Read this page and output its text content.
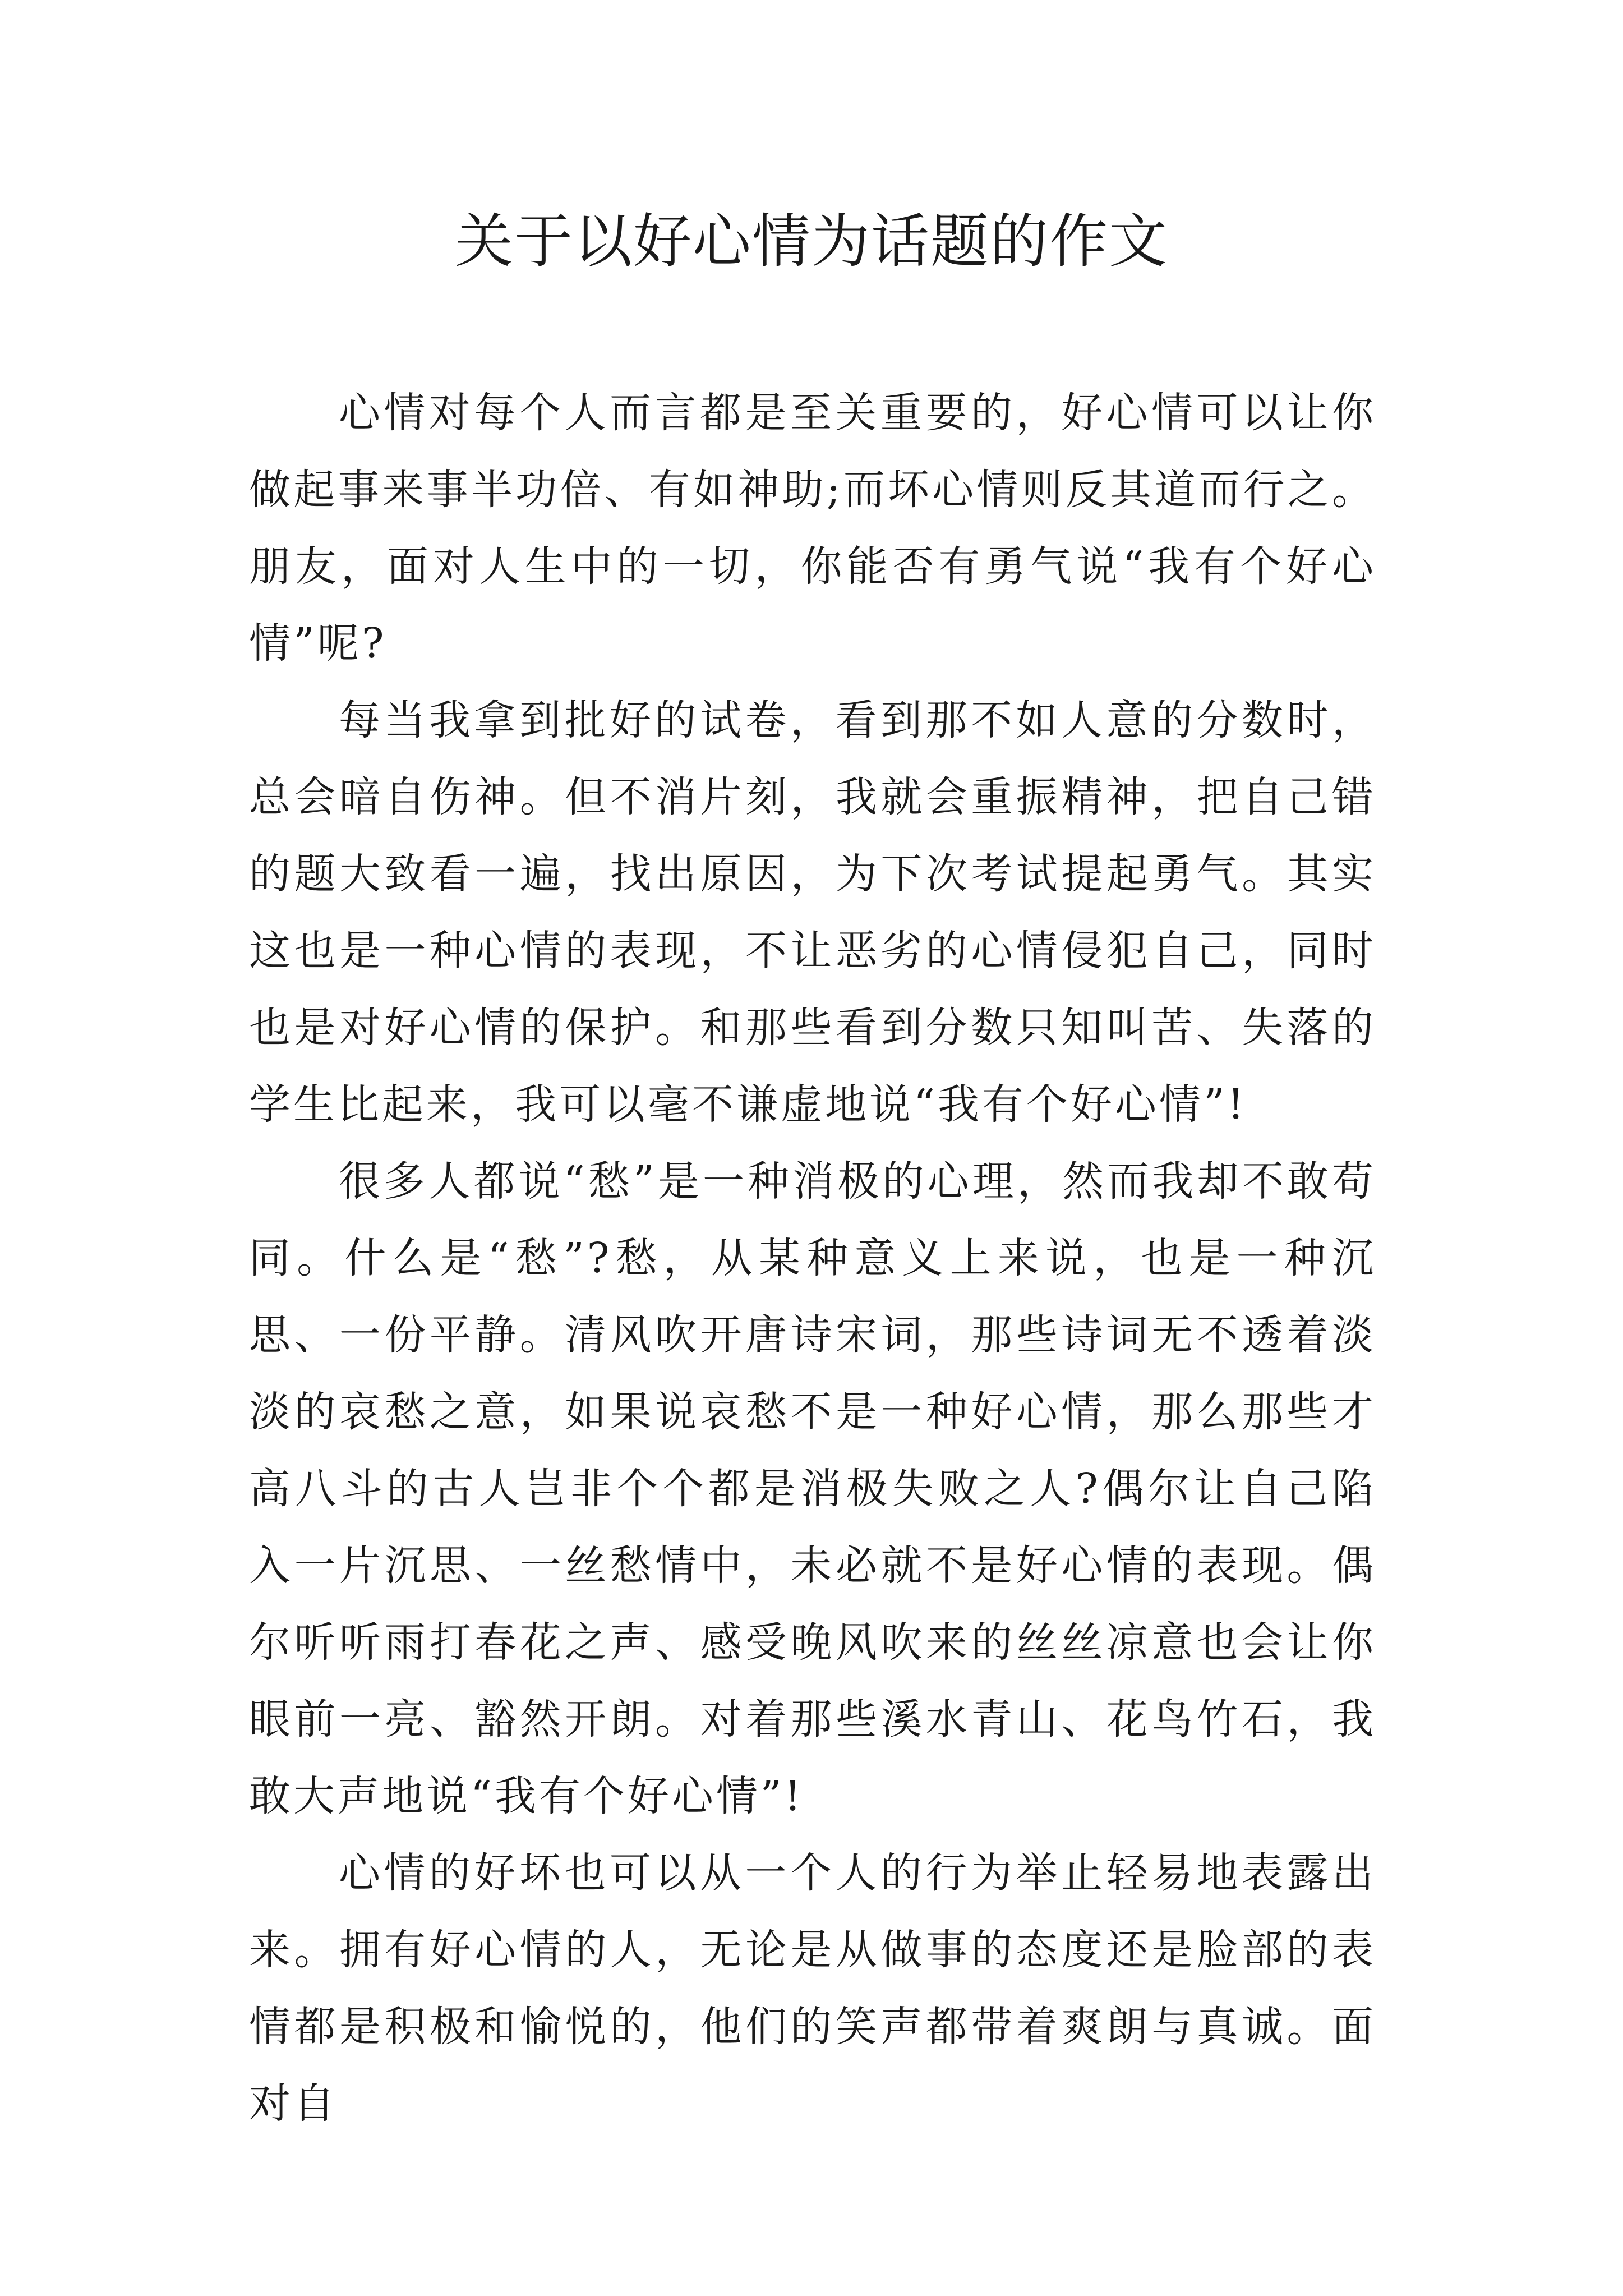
关于以好心情为话题的作文

心情对每个人而言都是至关重要的，好心情可以让你做起事来事半功倍、有如神助;而坏心情则反其道而行之。朋友，面对人生中的一切，你能否有勇气说“我有个好心情”呢?

每当我拿到批好的试卷，看到那不如人意的分数时，总会暗自伤神。但不消片刻，我就会重振精神，把自己错的题大致看一遍，找出原因，为下次考试提起勇气。其实这也是一种心情的表现，不让恶劣的心情侵犯自己，同时也是对好心情的保护。和那些看到分数只知叫苦、失落的学生比起来，我可以毫不谦虚地说“我有个好心情”!

很多人都说“愁”是一种消极的心理，然而我却不敢苟同。什么是“愁”?愁，从某种意义上来说，也是一种沉思、一份平静。清风吹开唐诗宋词，那些诗词无不透着淡淡的哀愁之意，如果说哀愁不是一种好心情，那么那些才高八斗的古人岂非个个都是消极失败之人?偶尔让自己陷入一片沉思、一丝愁情中，未必就不是好心情的表现。偶尔听听雨打春花之声、感受晚风吹来的丝丝凉意也会让你眼前一亮、豁然开朗。对着那些溪水青山、花鸟竹石，我敢大声地说“我有个好心情”!

心情的好坏也可以从一个人的行为举止轻易地表露出来。拥有好心情的人，无论是从做事的态度还是脸部的表情都是积极和愉悦的，他们的笑声都带着爽朗与真诚。面对自
